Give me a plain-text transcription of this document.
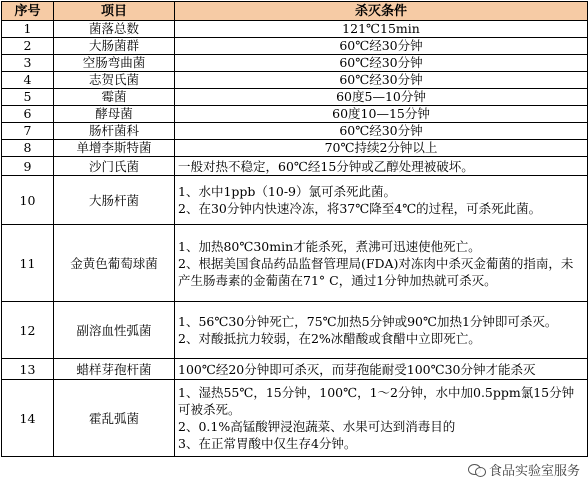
序号	项目	杀灭条件
1	菌落总数	121℃15min
2	大肠菌群	60℃经30分钟
3	空肠弯曲菌	60℃经30分钟
4	志贺氏菌	60℃经30分钟
5	霉菌	60度5—10分钟
6	酵母菌	60度10—15分钟
7	肠杆菌科	60℃经30分钟
8	单增李斯特菌	70℃持续2分钟以上
9	沙门氏菌	一般对热不稳定，60℃经15分钟或乙醇处理被破坏。
10	大肠杆菌	1、水中1ppb（10-9）氯可杀死此菌。
2、在30分钟内快速冷冻，将37℃降至4℃的过程，可杀死此菌。

11	金黄色葡萄球菌	1、加热80℃30min才能杀死，煮沸可迅速使他死亡。
2、根据美国食品药品监督管理局(FDA)对冻肉中杀灭金葡菌的指南，未产生肠毒素的金葡菌在71° C，通过1分钟加热就可杀灭。

12	副溶血性弧菌	1、56℃30分钟死亡，75℃加热5分钟或90℃加热1分钟即可杀灭。
2、对酸抵抗力较弱，在2%冰醋酸或食醋中立即死亡。

13	蜡样芽孢杆菌	100℃经20分钟即可杀灭，而芽孢能耐受100℃30分钟才能杀灭
14	霍乱弧菌	1、湿热55℃，15分钟，100℃，1～2分钟，水中加0.5ppm氯15分钟可被杀死。
2、0.1%高锰酸钾浸泡蔬菜、水果可达到消毒目的
3、在正常胃酸中仅生存4分钟。
食品实验室服务
